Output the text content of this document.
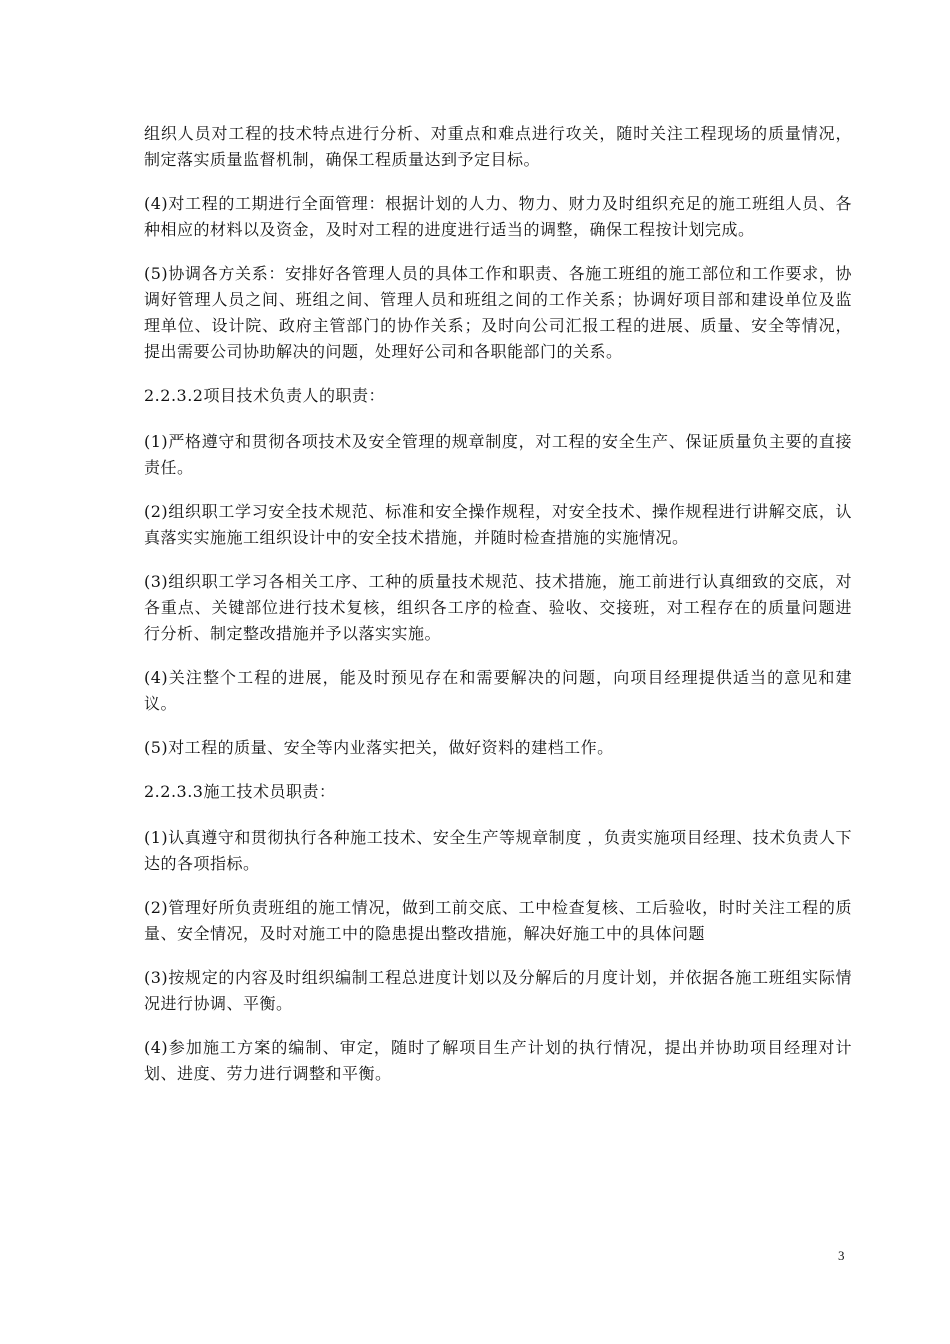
组织人员对工程的技术特点进行分析、对重点和难点进行攻关，随时关注工程现场的质量情况，制定落实质量监督机制，确保工程质量达到予定目标。

(4)对工程的工期进行全面管理：根据计划的人力、物力、财力及时组织充足的施工班组人员、各种相应的材料以及资金，及时对工程的进度进行适当的调整，确保工程按计划完成。

(5)协调各方关系：安排好各管理人员的具体工作和职责、各施工班组的施工部位和工作要求，协调好管理人员之间、班组之间、管理人员和班组之间的工作关系；协调好项目部和建设单位及监理单位、设计院、政府主管部门的协作关系；及时向公司汇报工程的进展、质量、安全等情况，提出需要公司协助解决的问题，处理好公司和各职能部门的关系。

2.2.3.2项目技术负责人的职责：

(1)严格遵守和贯彻各项技术及安全管理的规章制度，对工程的安全生产、保证质量负主要的直接责任。

(2)组织职工学习安全技术规范、标准和安全操作规程，对安全技术、操作规程进行讲解交底，认真落实实施施工组织设计中的安全技术措施，并随时检查措施的实施情况。

(3)组织职工学习各相关工序、工种的质量技术规范、技术措施，施工前进行认真细致的交底，对各重点、关键部位进行技术复核，组织各工序的检查、验收、交接班，对工程存在的质量问题进行分析、制定整改措施并予以落实实施。

(4)关注整个工程的进展，能及时预见存在和需要解决的问题，向项目经理提供适当的意见和建议。

(5)对工程的质量、安全等内业落实把关，做好资料的建档工作。

2.2.3.3施工技术员职责：

(1)认真遵守和贯彻执行各种施工技术、安全生产等规章制度 ，负责实施项目经理、技术负责人下达的各项指标。

(2)管理好所负责班组的施工情况，做到工前交底、工中检查复核、工后验收，时时关注工程的质量、安全情况，及时对施工中的隐患提出整改措施，解决好施工中的具体问题

(3)按规定的内容及时组织编制工程总进度计划以及分解后的月度计划，并依据各施工班组实际情况进行协调、平衡。

(4)参加施工方案的编制、审定，随时了解项目生产计划的执行情况，提出并协助项目经理对计划、进度、劳力进行调整和平衡。

3
